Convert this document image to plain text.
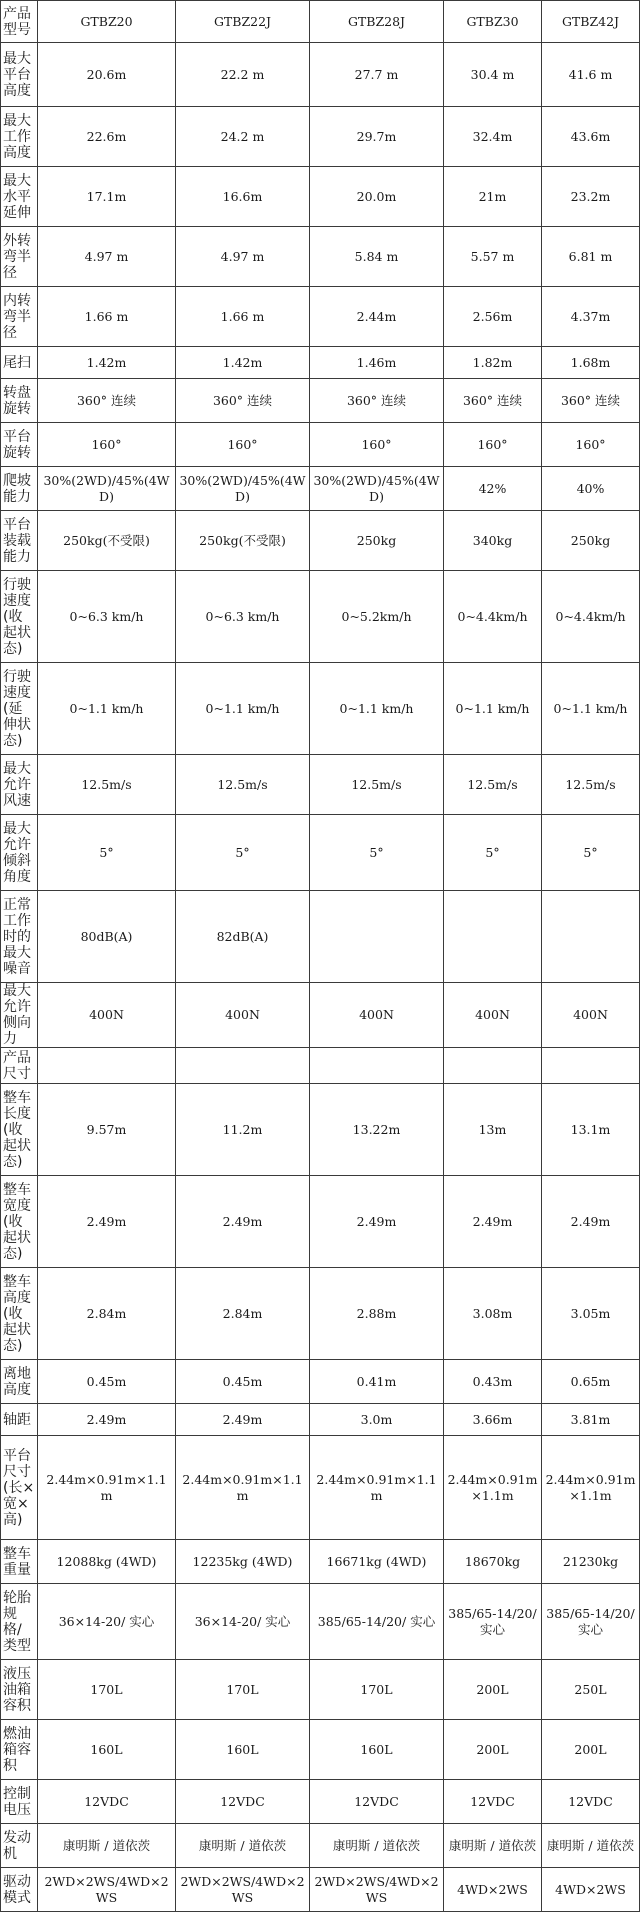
产品型号	GTBZ20	GTBZ22J	GTBZ28J	GTBZ30	GTBZ42J
最大平台高度	20.6m	22.2 m	27.7 m	30.4 m	41.6 m
最大工作高度	22.6m	24.2 m	29.7m	32.4m	43.6m
最大水平延伸	17.1m	16.6m	20.0m	21m	23.2m
外转弯半径	4.97 m	4.97 m	5.84 m	5.57 m	6.81 m
内转弯半径	1.66 m	1.66 m	2.44m	2.56m	4.37m
尾扫	1.42m	1.42m	1.46m	1.82m	1.68m
转盘旋转	360° 连续	360° 连续	360° 连续	360° 连续	360° 连续
平台旋转	160°	160°	160°	160°	160°
爬坡能力	30%(2WD)/45%(4WD)	30%(2WD)/45%(4WD)	30%(2WD)/45%(4WD)	42%	40%
平台装载能力	250kg(不受限)	250kg(不受限)	250kg	340kg	250kg
行驶速度(收起状态)	0~6.3 km/h	0~6.3 km/h	0~5.2km/h	0~4.4km/h	0~4.4km/h
行驶速度(延伸状态)	0~1.1 km/h	0~1.1 km/h	0~1.1 km/h	0~1.1 km/h	0~1.1 km/h
最大允许风速	12.5m/s	12.5m/s	12.5m/s	12.5m/s	12.5m/s
最大允许倾斜角度	5°	5°	5°	5°	5°
正常工作时的最大噪音	80dB(A)	82dB(A)			
最大允许侧向力	400N	400N	400N	400N	400N
产品尺寸					
整车长度(收起状态)	9.57m	11.2m	13.22m	13m	13.1m
整车宽度(收起状态)	2.49m	2.49m	2.49m	2.49m	2.49m
整车高度(收起状态)	2.84m	2.84m	2.88m	3.08m	3.05m
离地高度	0.45m	0.45m	0.41m	0.43m	0.65m
轴距	2.49m	2.49m	3.0m	3.66m	3.81m
平台尺寸(长×宽×高)	2.44m×0.91m×1.1m	2.44m×0.91m×1.1m	2.44m×0.91m×1.1m	2.44m×0.91m×1.1m	2.44m×0.91m×1.1m
整车重量	12088kg (4WD)	12235kg (4WD)	16671kg (4WD)	18670kg	21230kg
轮胎规格/类型	36×14-20/ 实心	36×14-20/ 实心	385/65-14/20/ 实心	385/65-14/20/ 实心	385/65-14/20/ 实心
液压油箱容积	170L	170L	170L	200L	250L
燃油箱容积	160L	160L	160L	200L	200L
控制电压	12VDC	12VDC	12VDC	12VDC	12VDC
发动机	康明斯 / 道依茨	康明斯 / 道依茨	康明斯 / 道依茨	康明斯 / 道依茨	康明斯 / 道依茨
驱动模式	2WD×2WS/4WD×2WS	2WD×2WS/4WD×2WS	2WD×2WS/4WD×2WS	4WD×2WS	4WD×2WS
